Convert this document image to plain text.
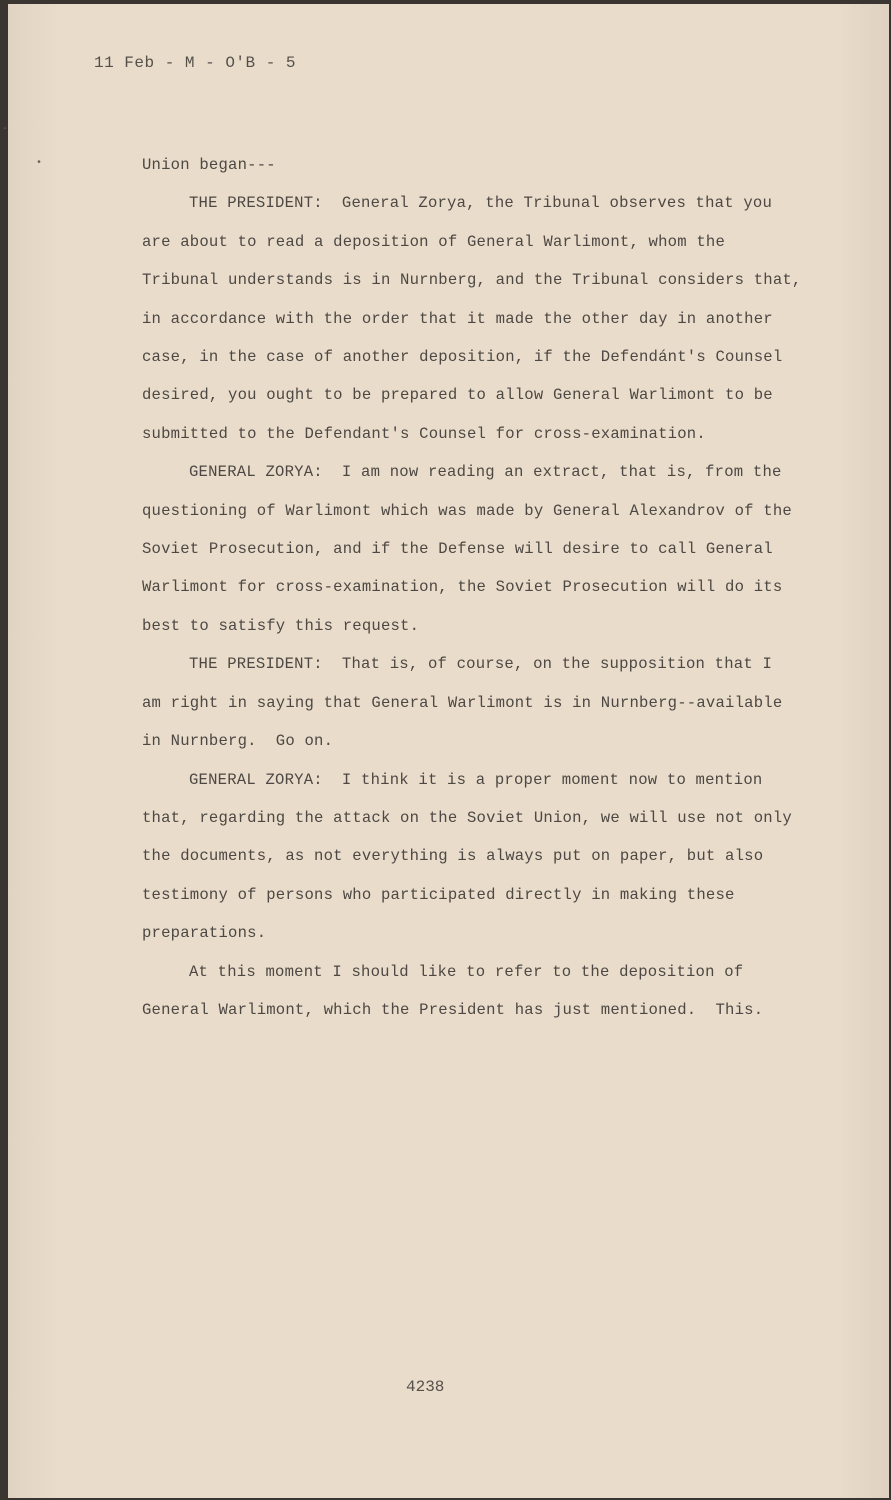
-
•
11 Feb - M - O'B - 5

Union began---

THE PRESIDENT:  General Zorya, the Tribunal observes that you

are about to read a deposition of General Warlimont, whom the

Tribunal understands is in Nurnberg, and the Tribunal considers that,

in accordance with the order that it made the other day in another

case, in the case of another deposition, if the Defendánt's Counsel

desired, you ought to be prepared to allow General Warlimont to be

submitted to the Defendant's Counsel for cross-examination.

GENERAL ZORYA:  I am now reading an extract, that is, from the

questioning of Warlimont which was made by General Alexandrov of the

Soviet Prosecution, and if the Defense will desire to call General

Warlimont for cross-examination, the Soviet Prosecution will do its

best to satisfy this request.

THE PRESIDENT:  That is, of course, on the supposition that I

am right in saying that General Warlimont is in Nurnberg--available

in Nurnberg.  Go on.

GENERAL ZORYA:  I think it is a proper moment now to mention

that, regarding the attack on the Soviet Union, we will use not only

the documents, as not everything is always put on paper, but also

testimony of persons who participated directly in making these

preparations.

At this moment I should like to refer to the deposition of

General Warlimont, which the President has just mentioned.  This.

4238
